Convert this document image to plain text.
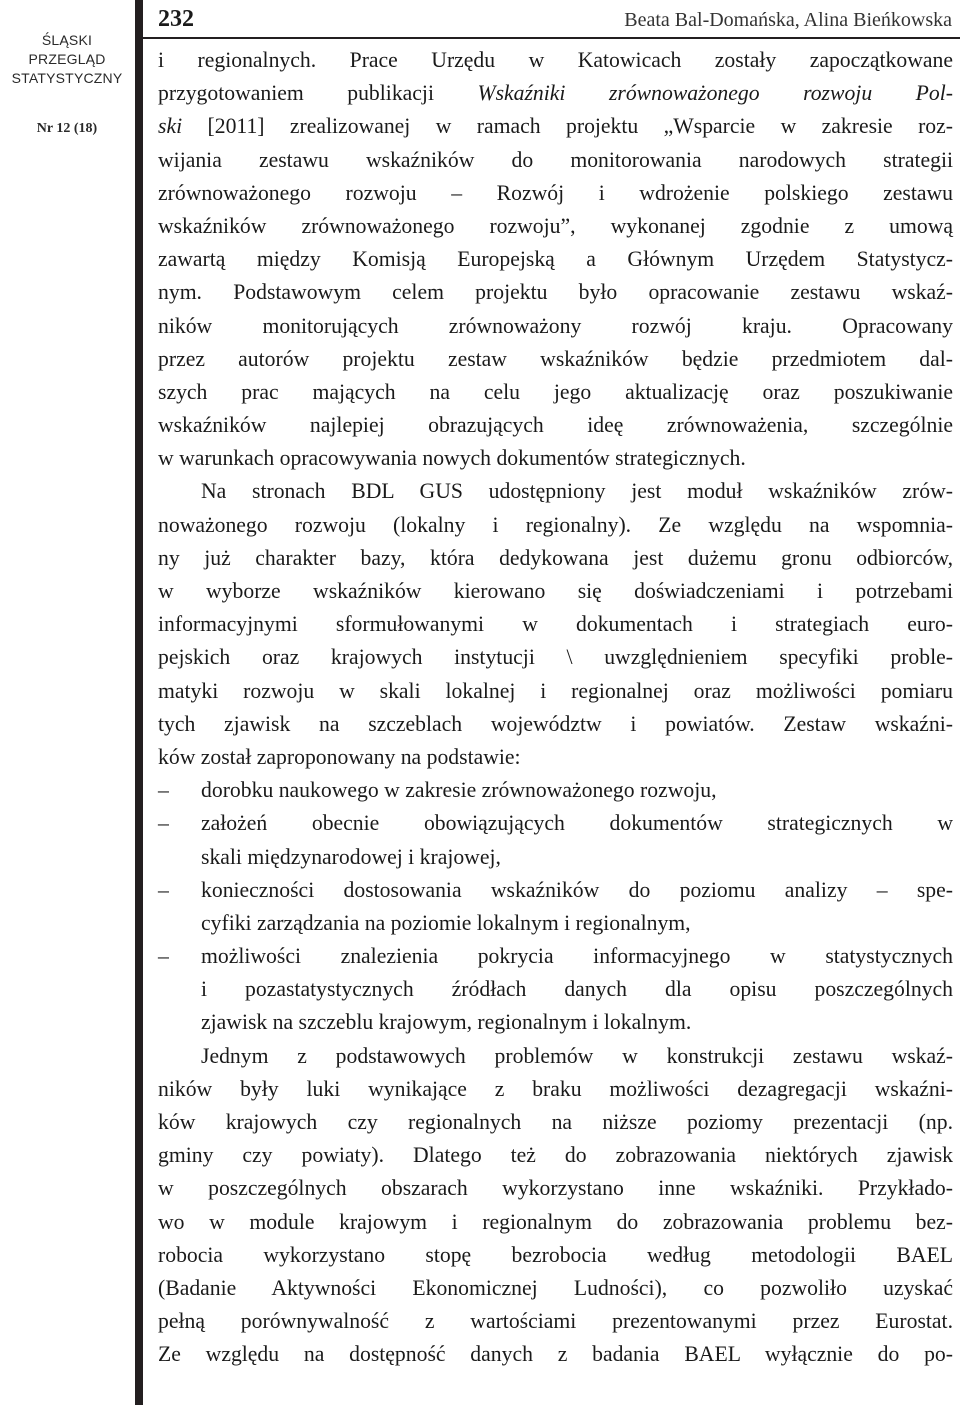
ŚLĄSKI
PRZEGLĄD
STATYSTYCZNY
Nr 12 (18)
232	Beata Bal-Domańska, Alina Bieńkowska
i regionalnych. Prace Urzędu w Katowicach zostały zapoczątkowane
przygotowaniem publikacji Wskaźniki zrównoważonego rozwoju Pol-
ski [2011] zrealizowanej w ramach projektu „Wsparcie w zakresie roz-
wijania zestawu wskaźników do monitorowania narodowych strategii
zrównoważonego rozwoju – Rozwój i wdrożenie polskiego zestawu
wskaźników zrównoważonego rozwoju”, wykonanej zgodnie z umową
zawartą między Komisją Europejską a Głównym Urzędem Statystycz-
nym. Podstawowym celem projektu było opracowanie zestawu wskaź-
ników monitorujących zrównoważony rozwój kraju. Opracowany
przez autorów projektu zestaw wskaźników będzie przedmiotem dal-
szych prac mających na celu jego aktualizację oraz poszukiwanie
wskaźników najlepiej obrazujących ideę zrównoważenia, szczególnie
w warunkach opracowywania nowych dokumentów strategicznych.
Na stronach BDL GUS udostępniony jest moduł wskaźników zrów-
noważonego rozwoju (lokalny i regionalny). Ze względu na wspomnia-
ny już charakter bazy, która dedykowana jest dużemu gronu odbiorców,
w wyborze wskaźników kierowano się doświadczeniami i potrzebami
informacyjnymi sformułowanymi w dokumentach i strategiach euro-
pejskich oraz krajowych instytucji \ uwzględnieniem specyfiki proble-
matyki rozwoju w skali lokalnej i regionalnej oraz możliwości pomiaru
tych zjawisk na szczeblach województw i powiatów. Zestaw wskaźni-
ków został zaproponowany na podstawie:
– dorobku naukowego w zakresie zrównoważonego rozwoju,
– założeń obecnie obowiązujących dokumentów strategicznych w
skali międzynarodowej i krajowej,
– konieczności dostosowania wskaźników do poziomu analizy – spe-
cyfiki zarządzania na poziomie lokalnym i regionalnym,
– możliwości znalezienia pokrycia informacyjnego w statystycznych
i pozastatystycznych źródłach danych dla opisu poszczególnych
zjawisk na szczeblu krajowym, regionalnym i lokalnym.
Jednym z podstawowych problemów w konstrukcji zestawu wskaź-
ników były luki wynikające z braku możliwości dezagregacji wskaźni-
ków krajowych czy regionalnych na niższe poziomy prezentacji (np.
gminy czy powiaty). Dlatego też do zobrazowania niektórych zjawisk
w poszczególnych obszarach wykorzystano inne wskaźniki. Przykłado-
wo w module krajowym i regionalnym do zobrazowania problemu bez-
robocia wykorzystano stopę bezrobocia według metodologii BAEL
(Badanie Aktywności Ekonomicznej Ludności), co pozwoliło uzyskać
pełną porównywalność z wartościami prezentowanymi przez Eurostat.
Ze względu na dostępność danych z badania BAEL wyłącznie do po-
